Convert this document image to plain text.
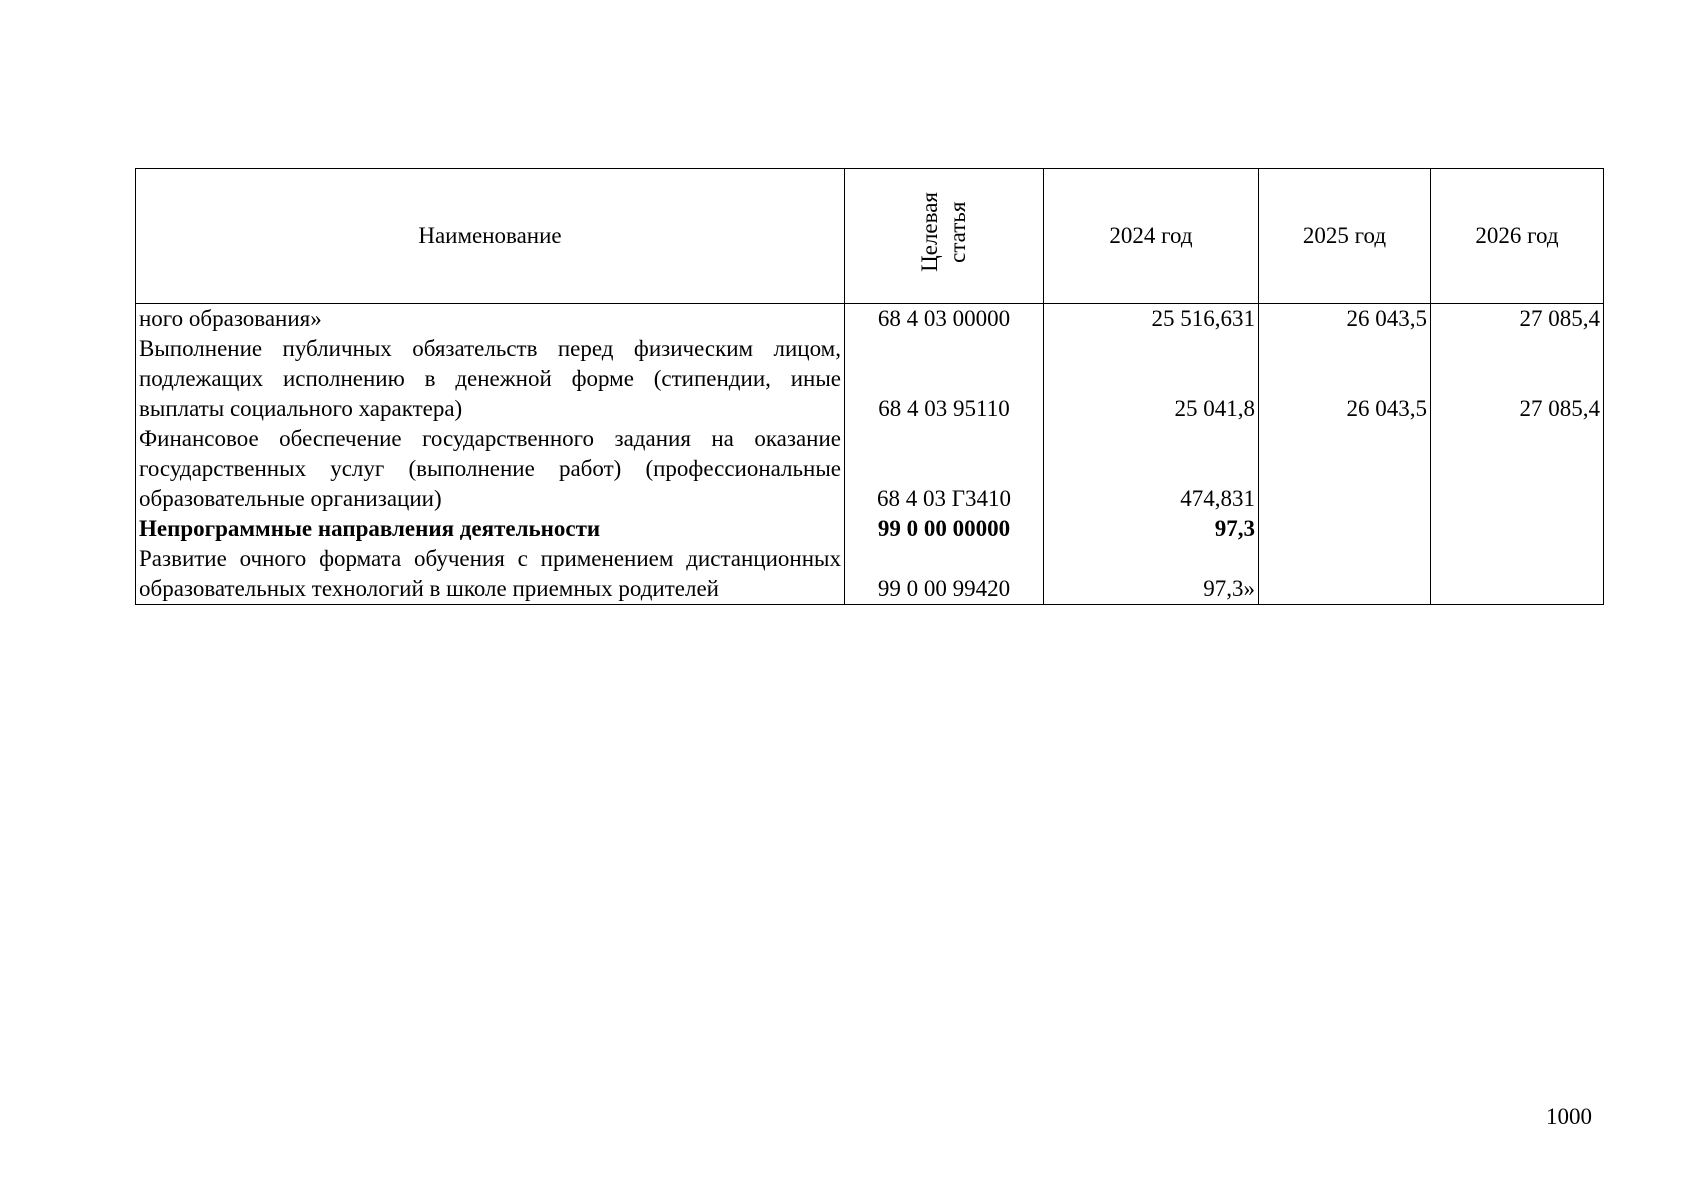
Наименование	Целевая статья	2024 год	2025 год	2026 год
ного образования»	68 4 03 00000	25 516,631	26 043,5	27 085,4
Выполнение публичных обязательств перед физическим лицом, подлежащих исполнению в денежной форме (стипендии, иные выплаты социального характера)	68 4 03 95110	25 041,8	26 043,5	27 085,4
Финансовое обеспечение государственного задания на оказание государственных услуг (выполнение работ) (профессиональные образовательные организации)	68 4 03 Г3410	474,831		
Непрограммные направления деятельности	99 0 00 00000	97,3		
Развитие очного формата обучения с применением дистанционных образовательных технологий в школе приемных родителей	99 0 00 99420	97,3»		
1000
